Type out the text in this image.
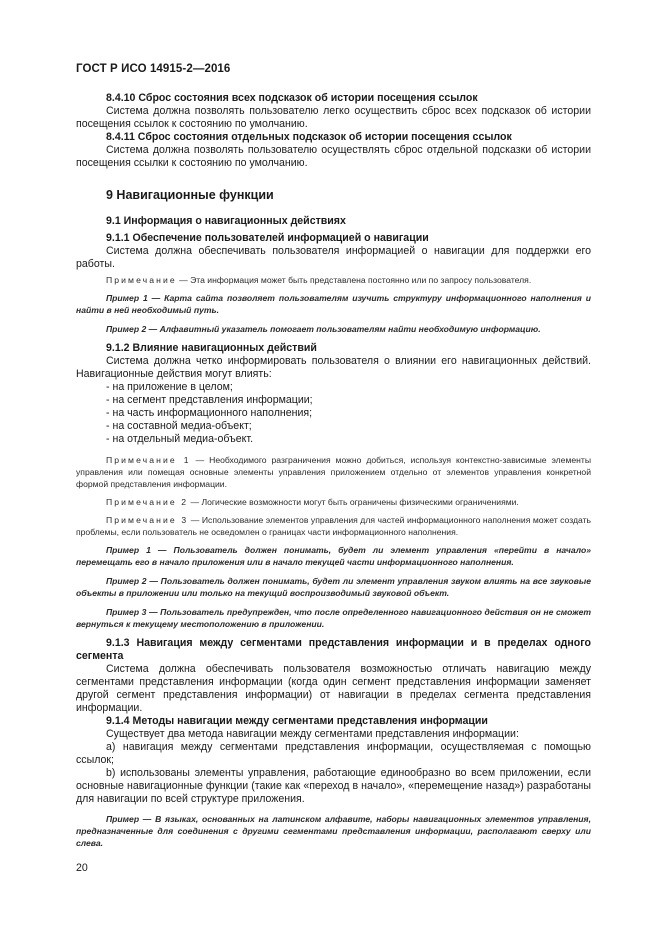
ГОСТ Р ИСО 14915-2—2016

8.4.10 Сброс состояния всех подсказок об истории посещения ссылок

Система должна позволять пользователю легко осуществить сброс всех подсказок об истории посещения ссылок к состоянию по умолчанию.

8.4.11 Сброс состояния отдельных подсказок об истории посещения ссылок

Система должна позволять пользователю осуществлять сброс отдельной подсказки об истории посещения ссылки к состоянию по умолчанию.

9 Навигационные функции

9.1 Информация о навигационных действиях

9.1.1 Обеспечение пользователей информацией о навигации

Система должна обеспечивать пользователя информацией о навигации для поддержки его работы.

Примечание — Эта информация может быть представлена постоянно или по запросу пользователя.

Пример 1 — Карта сайта позволяет пользователям изучить структуру информационного наполнения и найти в ней необходимый путь.

Пример 2 — Алфавитный указатель помогает пользователям найти необходимую информацию.

9.1.2 Влияние навигационных действий

Система должна четко информировать пользователя о влиянии его навигационных действий. Навигационные действия могут влиять:

- на приложение в целом;

- на сегмент представления информации;

- на часть информационного наполнения;

- на составной медиа-объект;

- на отдельный медиа-объект.

Примечание 1 — Необходимого разграничения можно добиться, используя контекстно-зависимые элементы управления или помещая основные элементы управления приложением отдельно от элементов управления конкретной формой представления информации.

Примечание 2 — Логические возможности могут быть ограничены физическими ограничениями.

Примечание 3 — Использование элементов управления для частей информационного наполнения может создать проблемы, если пользователь не осведомлен о границах части информационного наполнения.

Пример 1 — Пользователь должен понимать, будет ли элемент управления «перейти в начало» перемещать его в начало приложения или в начало текущей части информационного наполнения.

Пример 2 — Пользователь должен понимать, будет ли элемент управления звуком влиять на все звуковые объекты в приложении или только на текущий воспроизводимый звуковой объект.

Пример 3 — Пользователь предупрежден, что после определенного навигационного действия он не сможет вернуться к текущему местоположению в приложении.

9.1.3 Навигация между сегментами представления информации и в пределах одного сегмента

Система должна обеспечивать пользователя возможностью отличать навигацию между сегментами представления информации (когда один сегмент представления информации заменяет другой сегмент представления информации) от навигации в пределах сегмента представления информации.

9.1.4 Методы навигации между сегментами представления информации

Существует два метода навигации между сегментами представления информации:

а) навигация между сегментами представления информации, осуществляемая с помощью ссылок;

b) использованы элементы управления, работающие единообразно во всем приложении, если основные навигационные функции (такие как «переход в начало», «перемещение назад») разработаны для навигации по всей структуре приложения.

Пример — В языках, основанных на латинском алфавите, наборы навигационных элементов управления, предназначенные для соединения с другими сегментами представления информации, располагают сверху или слева.

20
